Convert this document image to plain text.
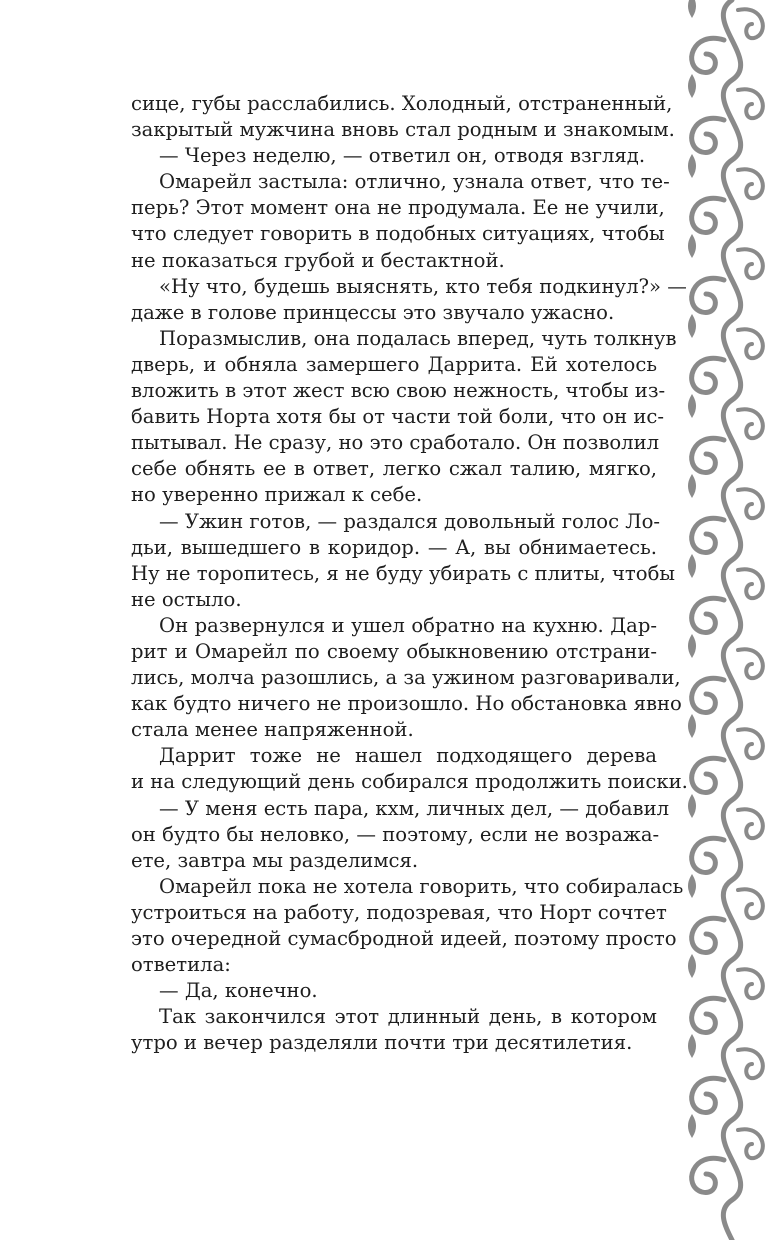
сице, губы расслабились. Холодный, отстраненный,
закрытый мужчина вновь стал родным и знакомым.
— Через неделю, — ответил он, отводя взгляд.
Омарейл застыла: отлично, узнала ответ, что те-
перь? Этот момент она не продумала. Ее не учили,
что следует говорить в подобных ситуациях, чтобы
не показаться грубой и бестактной.
«Ну что, будешь выяснять, кто тебя подкинул?» —
даже в голове принцессы это звучало ужасно.
Поразмыслив, она подалась вперед, чуть толкнув
дверь, и обняла замершего Даррита. Ей хотелось
вложить в этот жест всю свою нежность, чтобы из-
бавить Норта хотя бы от части той боли, что он ис-
пытывал. Не сразу, но это сработало. Он позволил
себе обнять ее в ответ, легко сжал талию, мягко,
но уверенно прижал к себе.
— Ужин готов, — раздался довольный голос Ло-
дьи, вышедшего в коридор. — А, вы обнимаетесь.
Ну не торопитесь, я не буду убирать с плиты, чтобы
не остыло.
Он развернулся и ушел обратно на кухню. Дар-
рит и Омарейл по своему обыкновению отстрани-
лись, молча разошлись, а за ужином разговаривали,
как будто ничего не произошло. Но обстановка явно
стала менее напряженной.
Даррит тоже не нашел подходящего дерева
и на следующий день собирался продолжить поиски.
— У меня есть пара, кхм, личных дел, — добавил
он будто бы неловко, — поэтому, если не возража-
ете, завтра мы разделимся.
Омарейл пока не хотела говорить, что собиралась
устроиться на работу, подозревая, что Норт сочтет
это очередной сумасбродной идеей, поэтому просто
ответила:
— Да, конечно.
Так закончился этот длинный день, в котором
утро и вечер разделяли почти три десятилетия.
